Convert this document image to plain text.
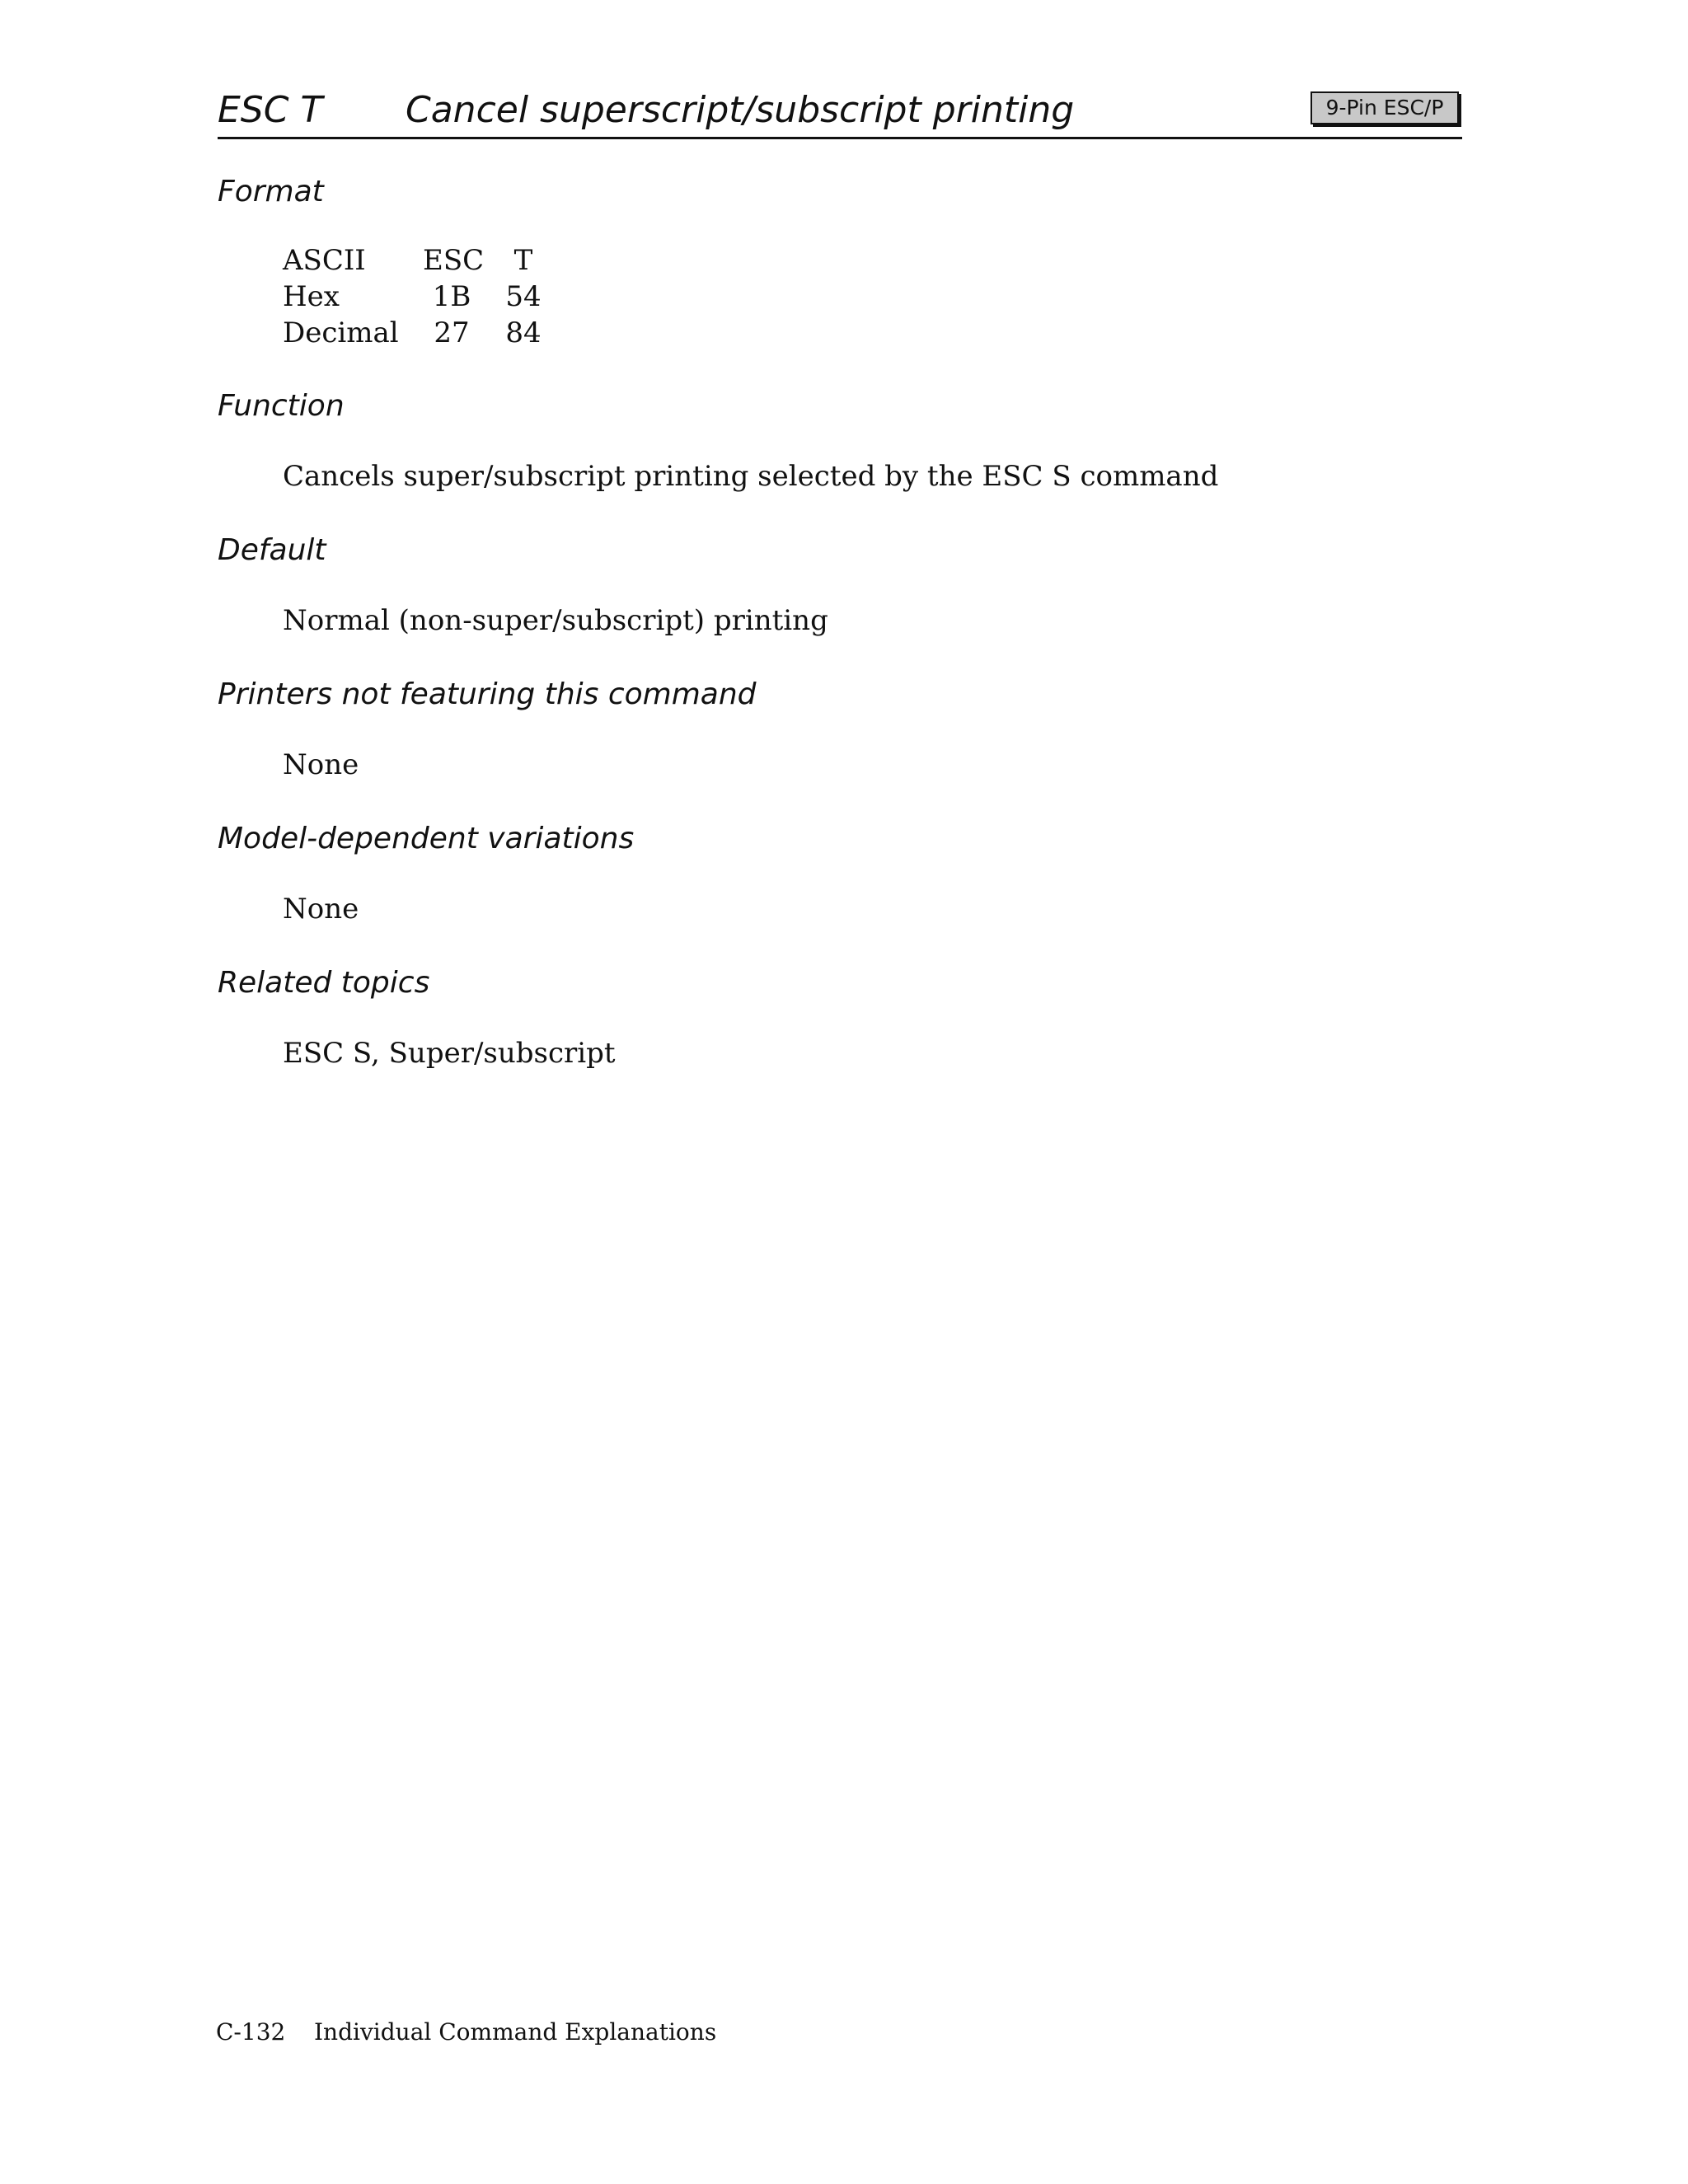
ESC T Cancel superscript/subscript printing	9-Pin ESC/P
Format
ASCII ESC	T
Hex	1B	54
Decimal	27	84
Function
Cancels super/subscript printing selected by the ESC S command
Default
Normal (non-super/subscript) printing
Printers not featuring this command
None
Model-dependent variations
None
Related topics
ESC S, Super/subscript
C-132 Individual Command Explanations
